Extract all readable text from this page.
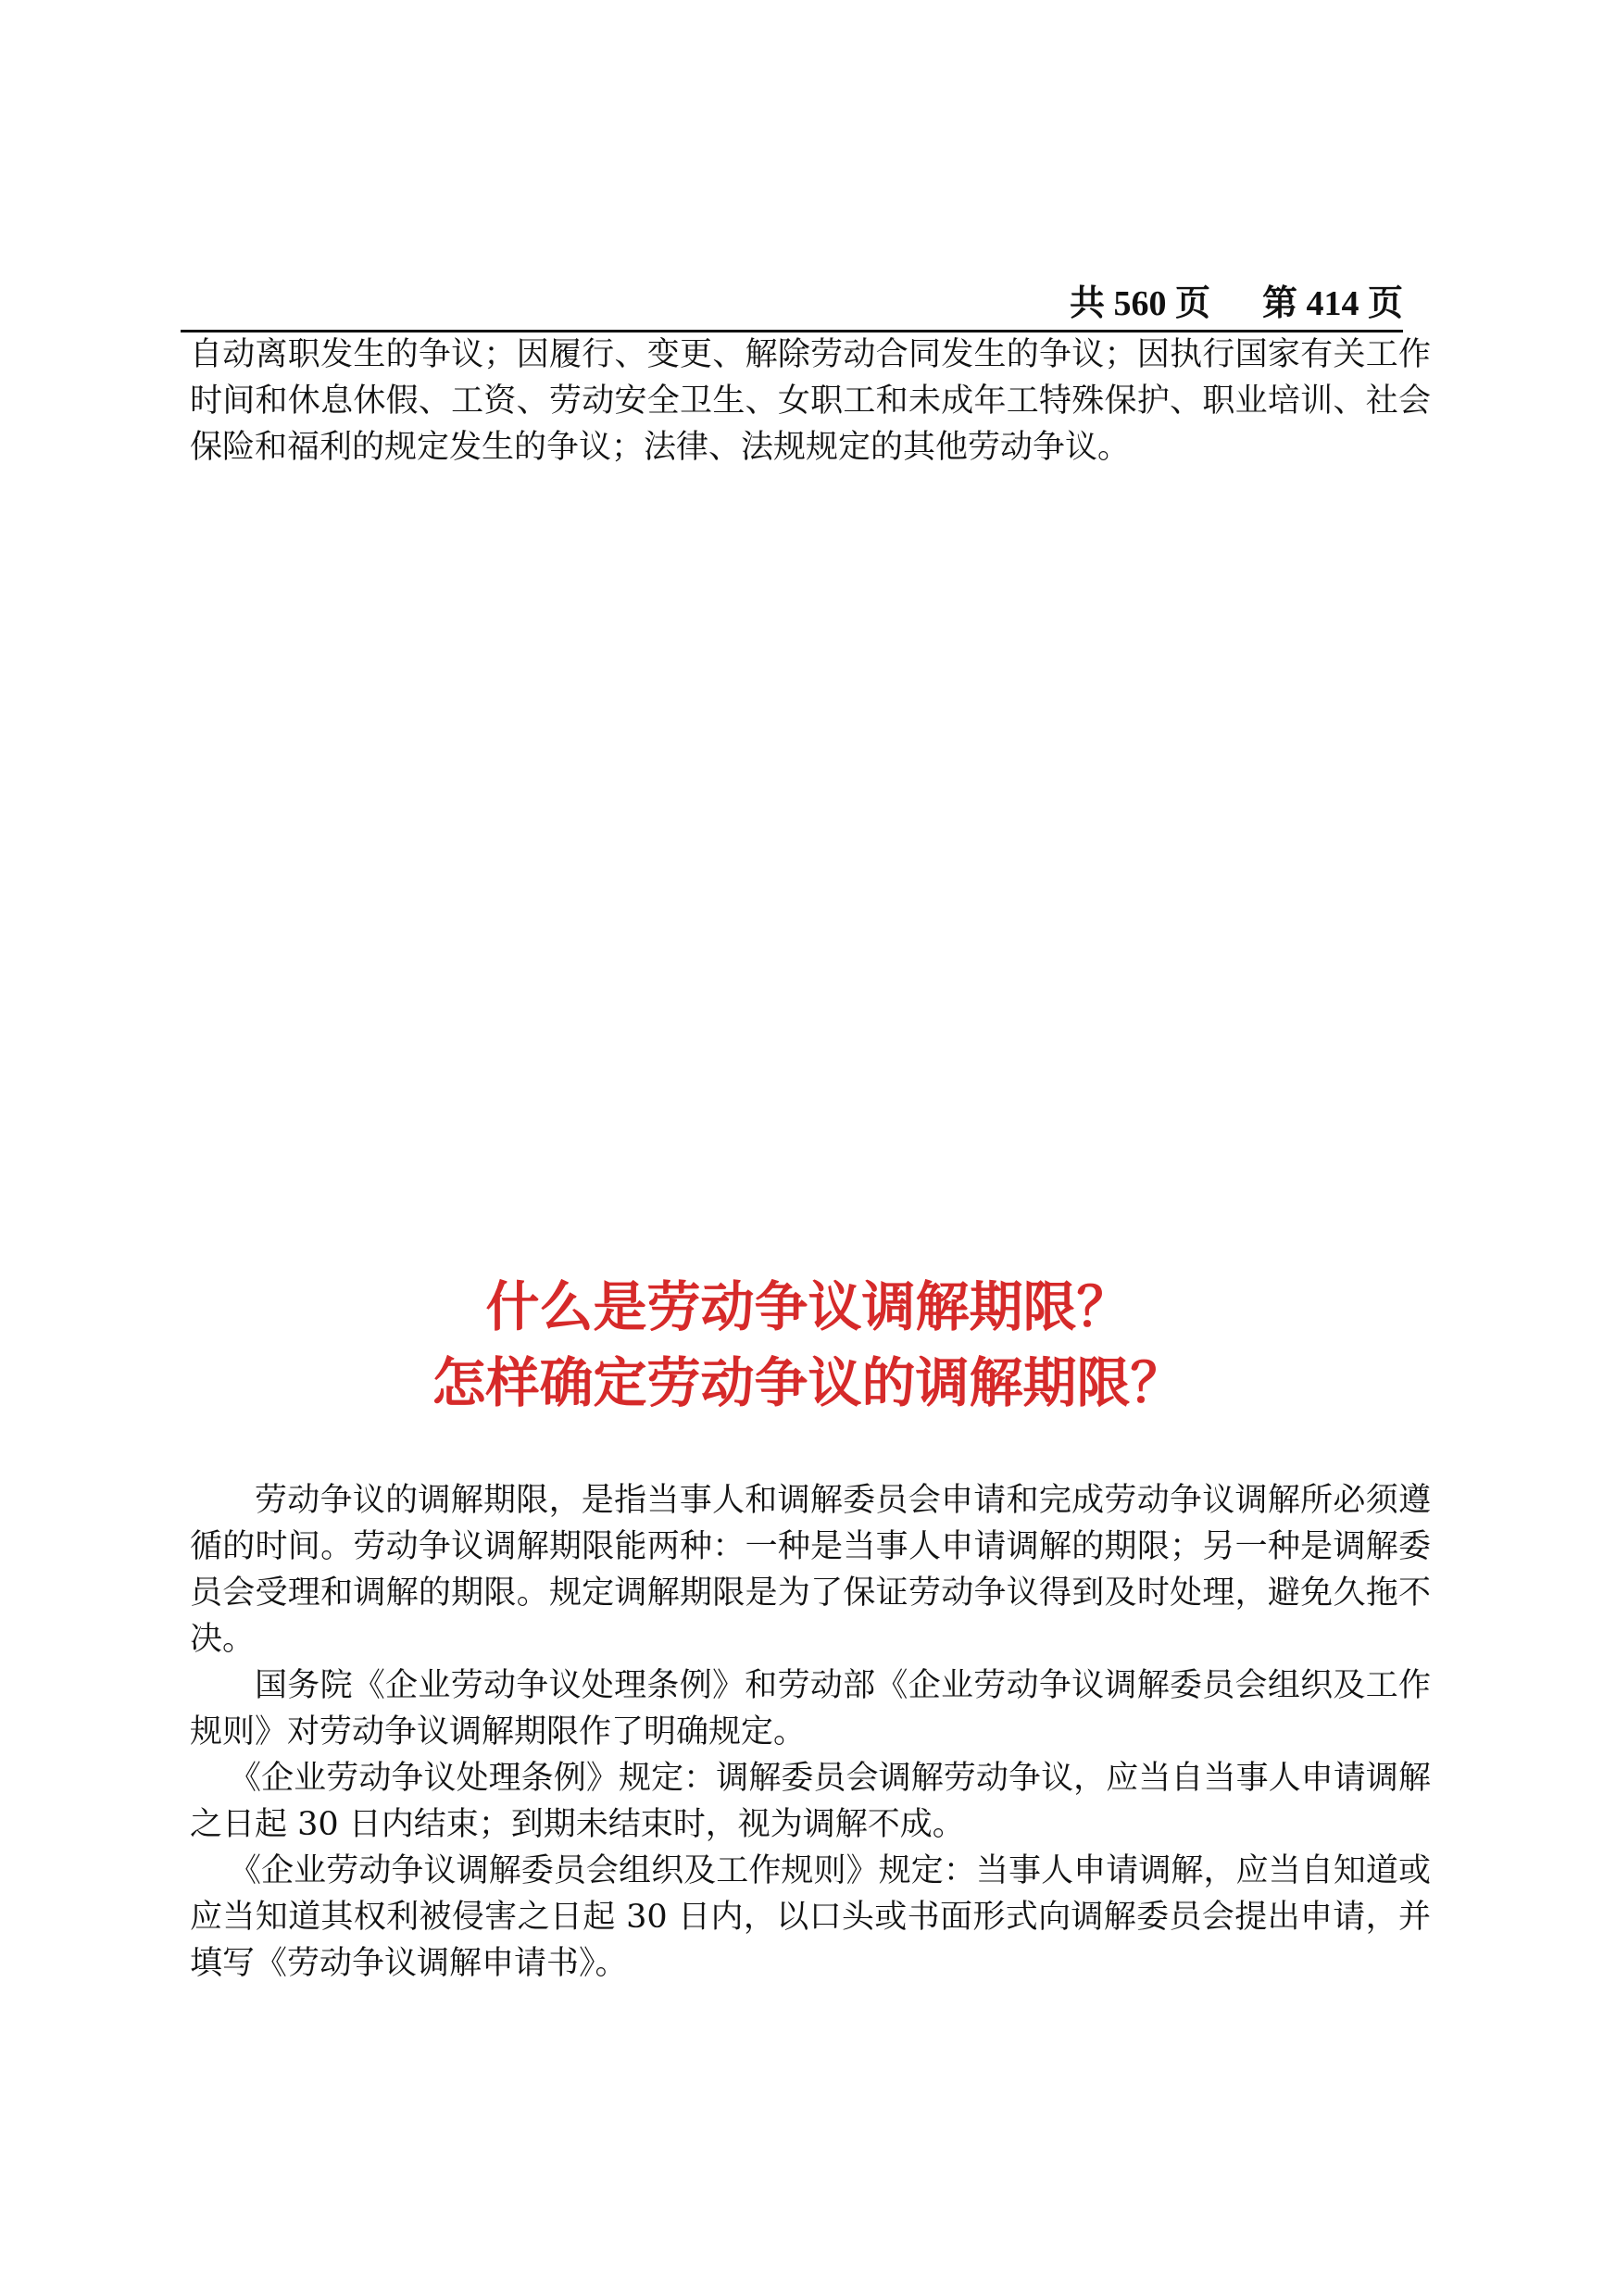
共 560 页 第 414 页

自动离职发生的争议；因履行、变更、解除劳动合同发生的争议；因执行国家有关工作时间和休息休假、工资、劳动安全卫生、女职工和未成年工特殊保护、职业培训、社会保险和福利的规定发生的争议；法律、法规规定的其他劳动争议。

什么是劳动争议调解期限？
怎样确定劳动争议的调解期限？

劳动争议的调解期限，是指当事人和调解委员会申请和完成劳动争议调解所必须遵循的时间。劳动争议调解期限能两种：一种是当事人申请调解的期限；另一种是调解委员会受理和调解的期限。规定调解期限是为了保证劳动争议得到及时处理，避免久拖不决。

国务院《企业劳动争议处理条例》和劳动部《企业劳动争议调解委员会组织及工作规则》对劳动争议调解期限作了明确规定。

《企业劳动争议处理条例》规定：调解委员会调解劳动争议，应当自当事人申请调解之日起 30 日内结束；到期未结束时，视为调解不成。

《企业劳动争议调解委员会组织及工作规则》规定：当事人申请调解，应当自知道或应当知道其权利被侵害之日起 30 日内，以口头或书面形式向调解委员会提出申请，并填写《劳动争议调解申请书》。
